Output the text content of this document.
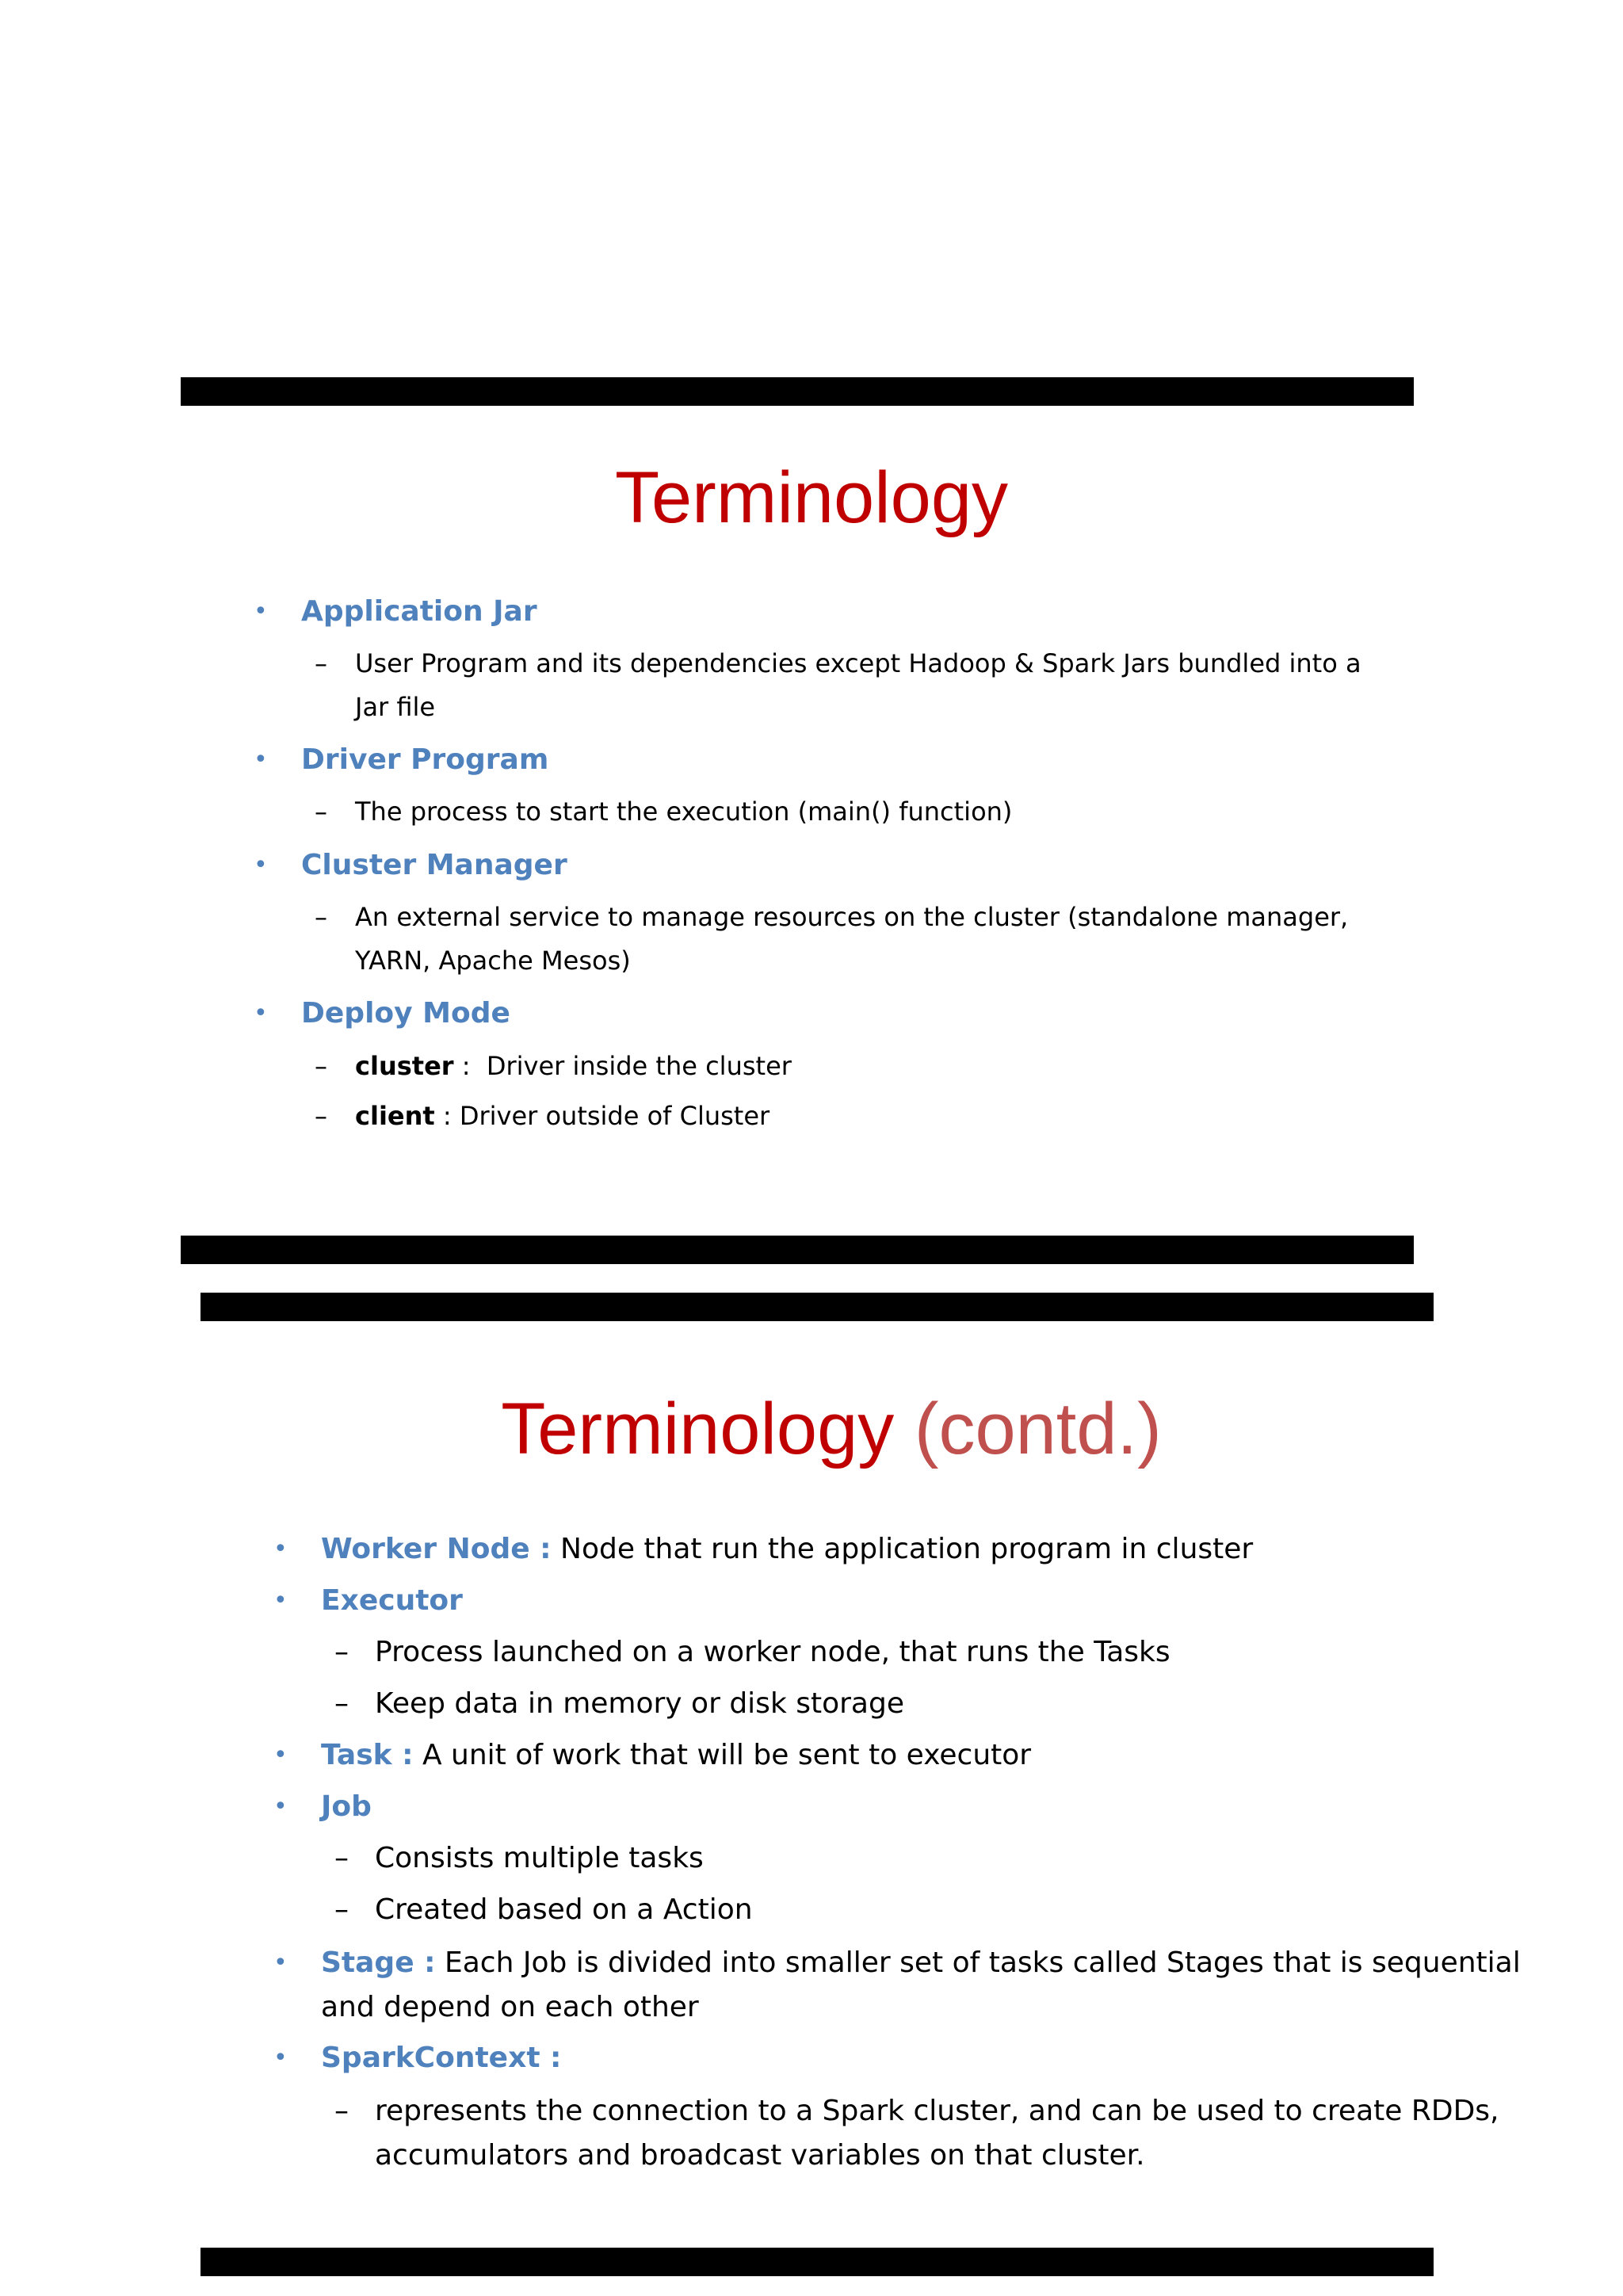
Terminology
• Application Jar
– User Program and its dependencies except Hadoop & Spark Jars bundled into a
Jar file
• Driver Program
– The process to start the execution (main() function)
• Cluster Manager
– An external service to manage resources on the cluster (standalone manager,
YARN, Apache Mesos)
• Deploy Mode
– cluster :  Driver inside the cluster
– client : Driver outside of Cluster
Terminology (contd.)
• Worker Node : Node that run the application program in cluster
• Executor
– Process launched on a worker node, that runs the Tasks
– Keep data in memory or disk storage
• Task : A unit of work that will be sent to executor
• Job
– Consists multiple tasks
– Created based on a Action
• Stage : Each Job is divided into smaller set of tasks called Stages that is sequential
and depend on each other
• SparkContext :
– represents the connection to a Spark cluster, and can be used to create RDDs,
accumulators and broadcast variables on that cluster.
